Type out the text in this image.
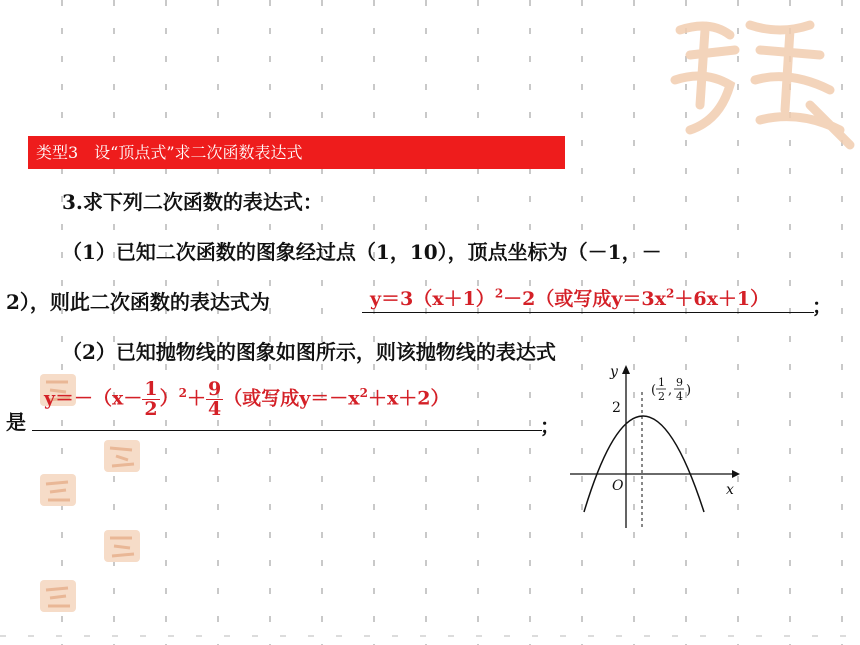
类型3　设“顶点式”求二次函数表达式
3.求下列二次函数的表达式：
（1）已知二次函数的图象经过点（1，10），顶点坐标为（－1，－
2），则此二次函数的表达式为	$y=3(x+1)^2-2$（或写成$y=3x^2+6x+1$） ；
（2）已知抛物线的图象如图所示，则该抛物线的表达式
是
$y=-(x- \frac{1}{2} )^2+ \frac{9}{4}$ （或写成$y=-x^2+x+2$）
；
y
x
O
2
(
1
2 ,
9
4 )
